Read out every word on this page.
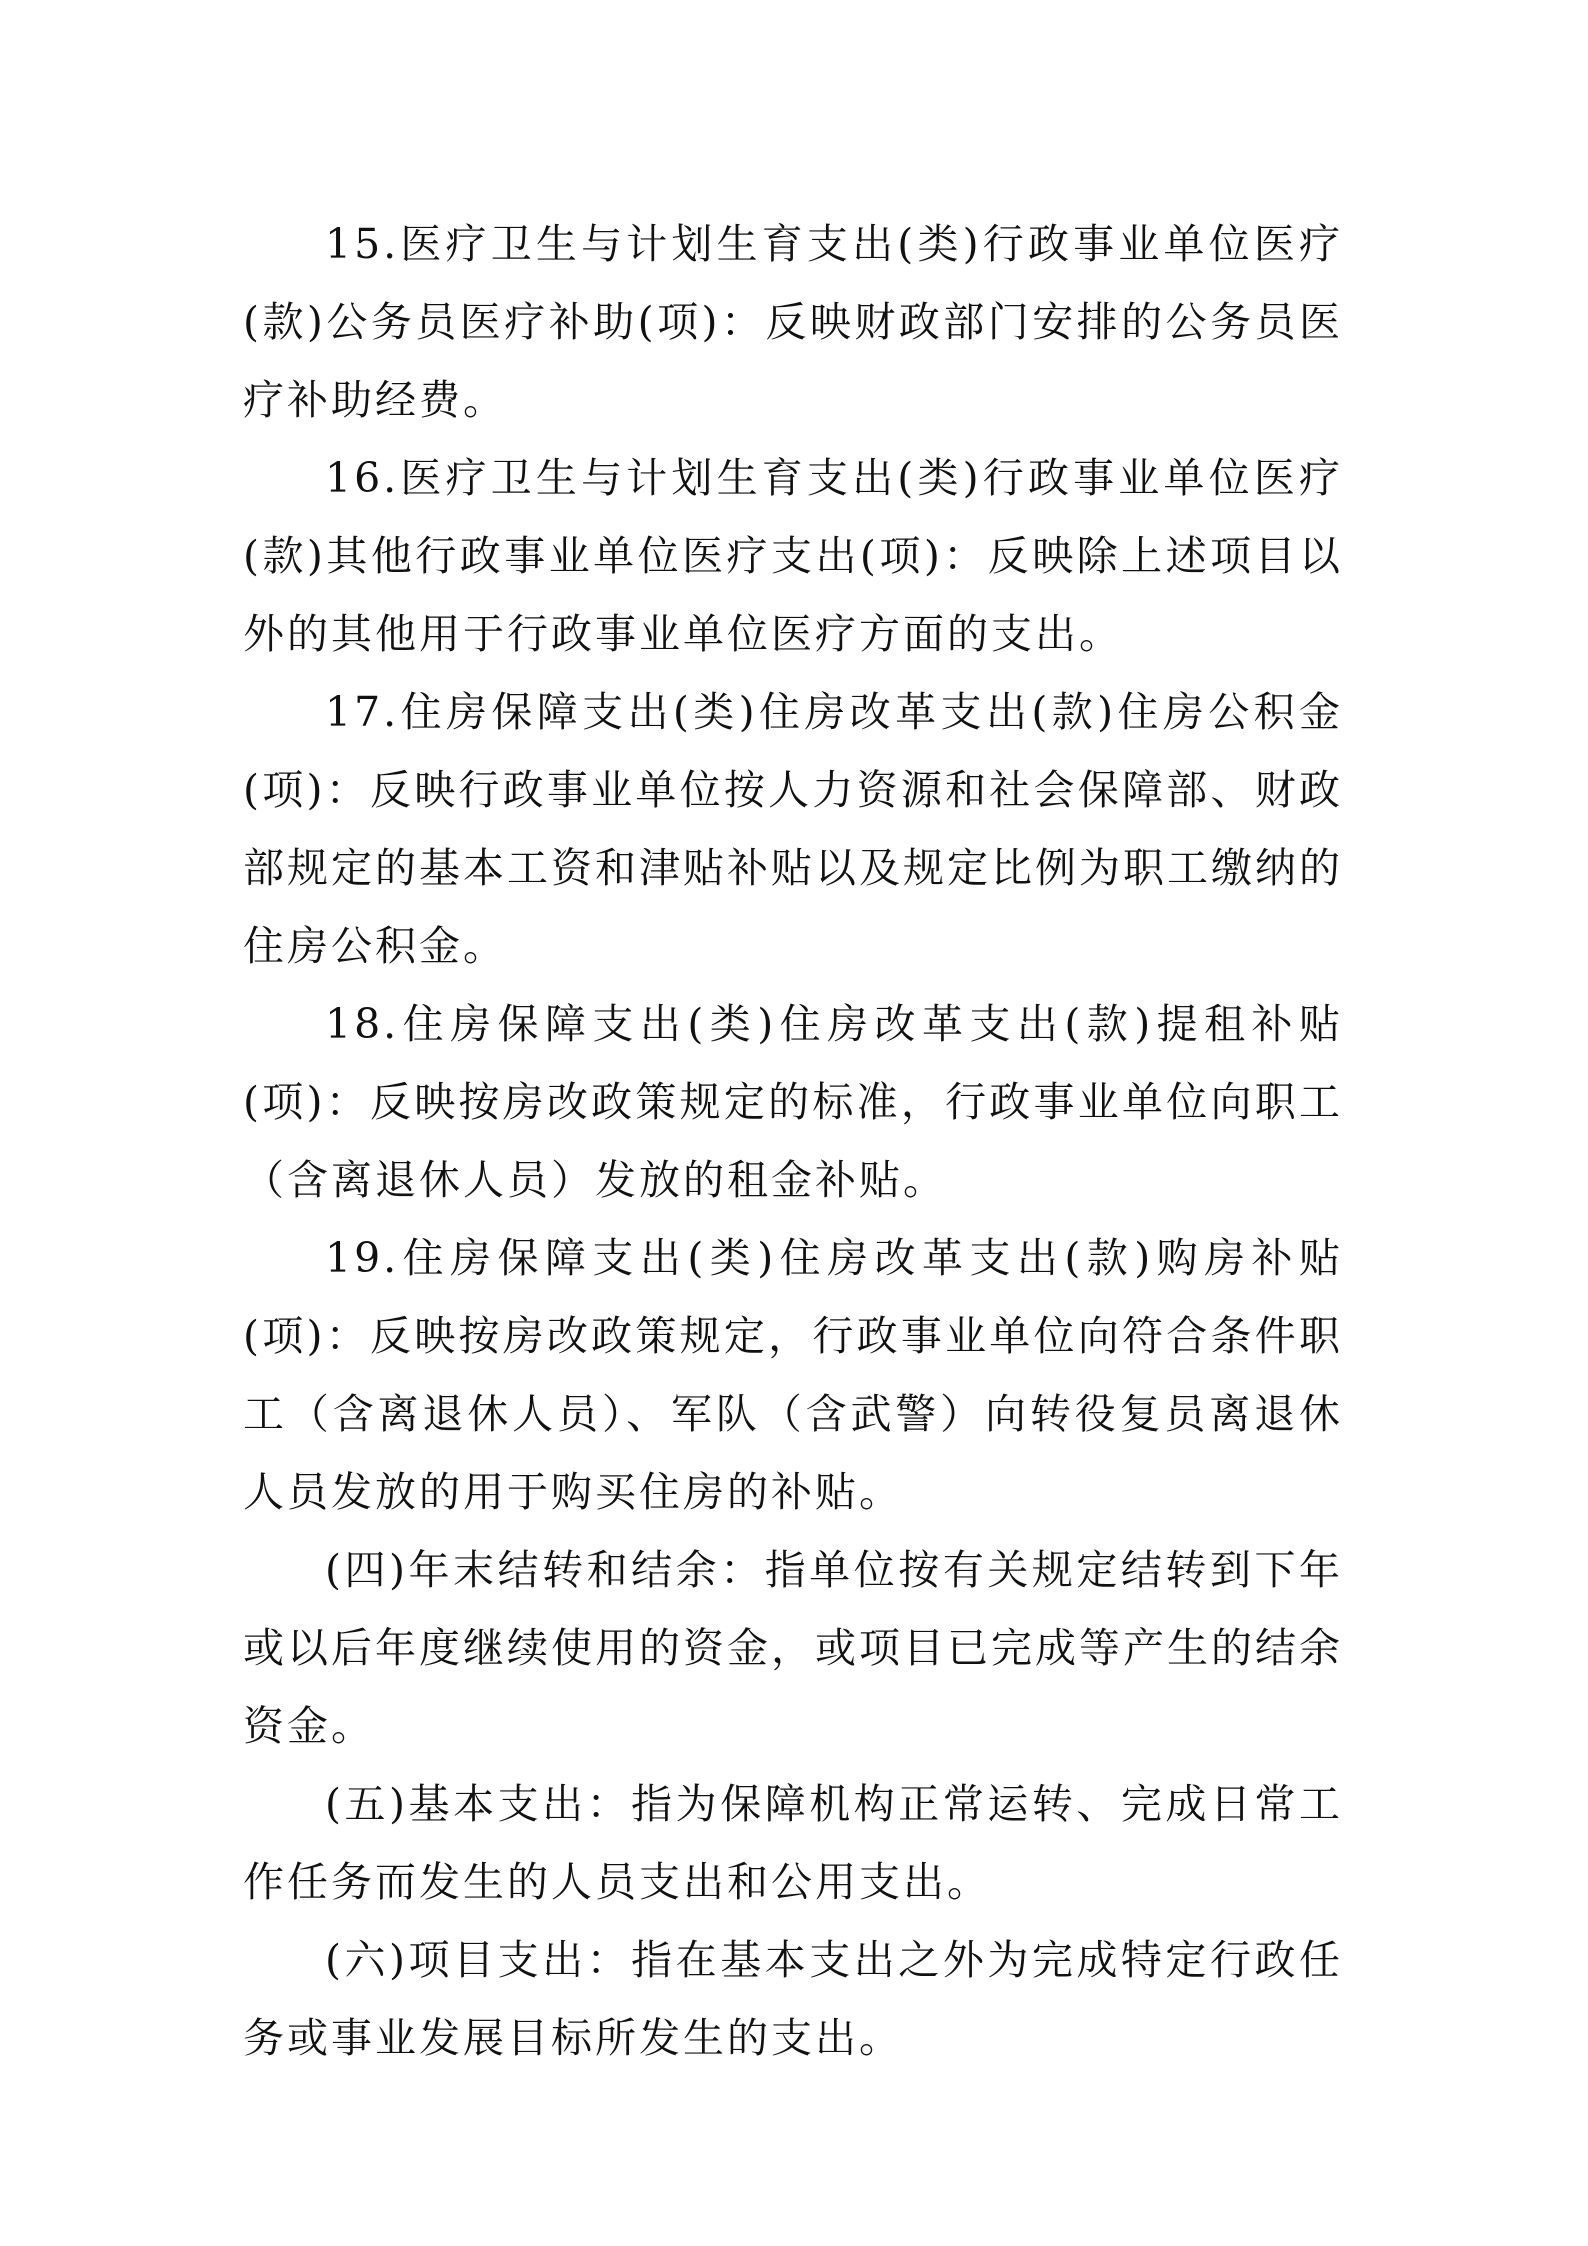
15.医疗卫生与计划生育支出(类)行政事业单位医疗(款)公务员医疗补助(项)：反映财政部门安排的公务员医疗补助经费。

16.医疗卫生与计划生育支出(类)行政事业单位医疗(款)其他行政事业单位医疗支出(项)：反映除上述项目以外的其他用于行政事业单位医疗方面的支出。

17.住房保障支出(类)住房改革支出(款)住房公积金(项)：反映行政事业单位按人力资源和社会保障部、财政部规定的基本工资和津贴补贴以及规定比例为职工缴纳的住房公积金。

18.住房保障支出(类)住房改革支出(款)提租补贴(项)：反映按房改政策规定的标准，行政事业单位向职工（含离退休人员）发放的租金补贴。

19.住房保障支出(类)住房改革支出(款)购房补贴(项)：反映按房改政策规定，行政事业单位向符合条件职工（含离退休人员）、军队（含武警）向转役复员离退休人员发放的用于购买住房的补贴。

(四)年末结转和结余：指单位按有关规定结转到下年或以后年度继续使用的资金，或项目已完成等产生的结余资金。

(五)基本支出：指为保障机构正常运转、完成日常工作任务而发生的人员支出和公用支出。

(六)项目支出：指在基本支出之外为完成特定行政任务或事业发展目标所发生的支出。
